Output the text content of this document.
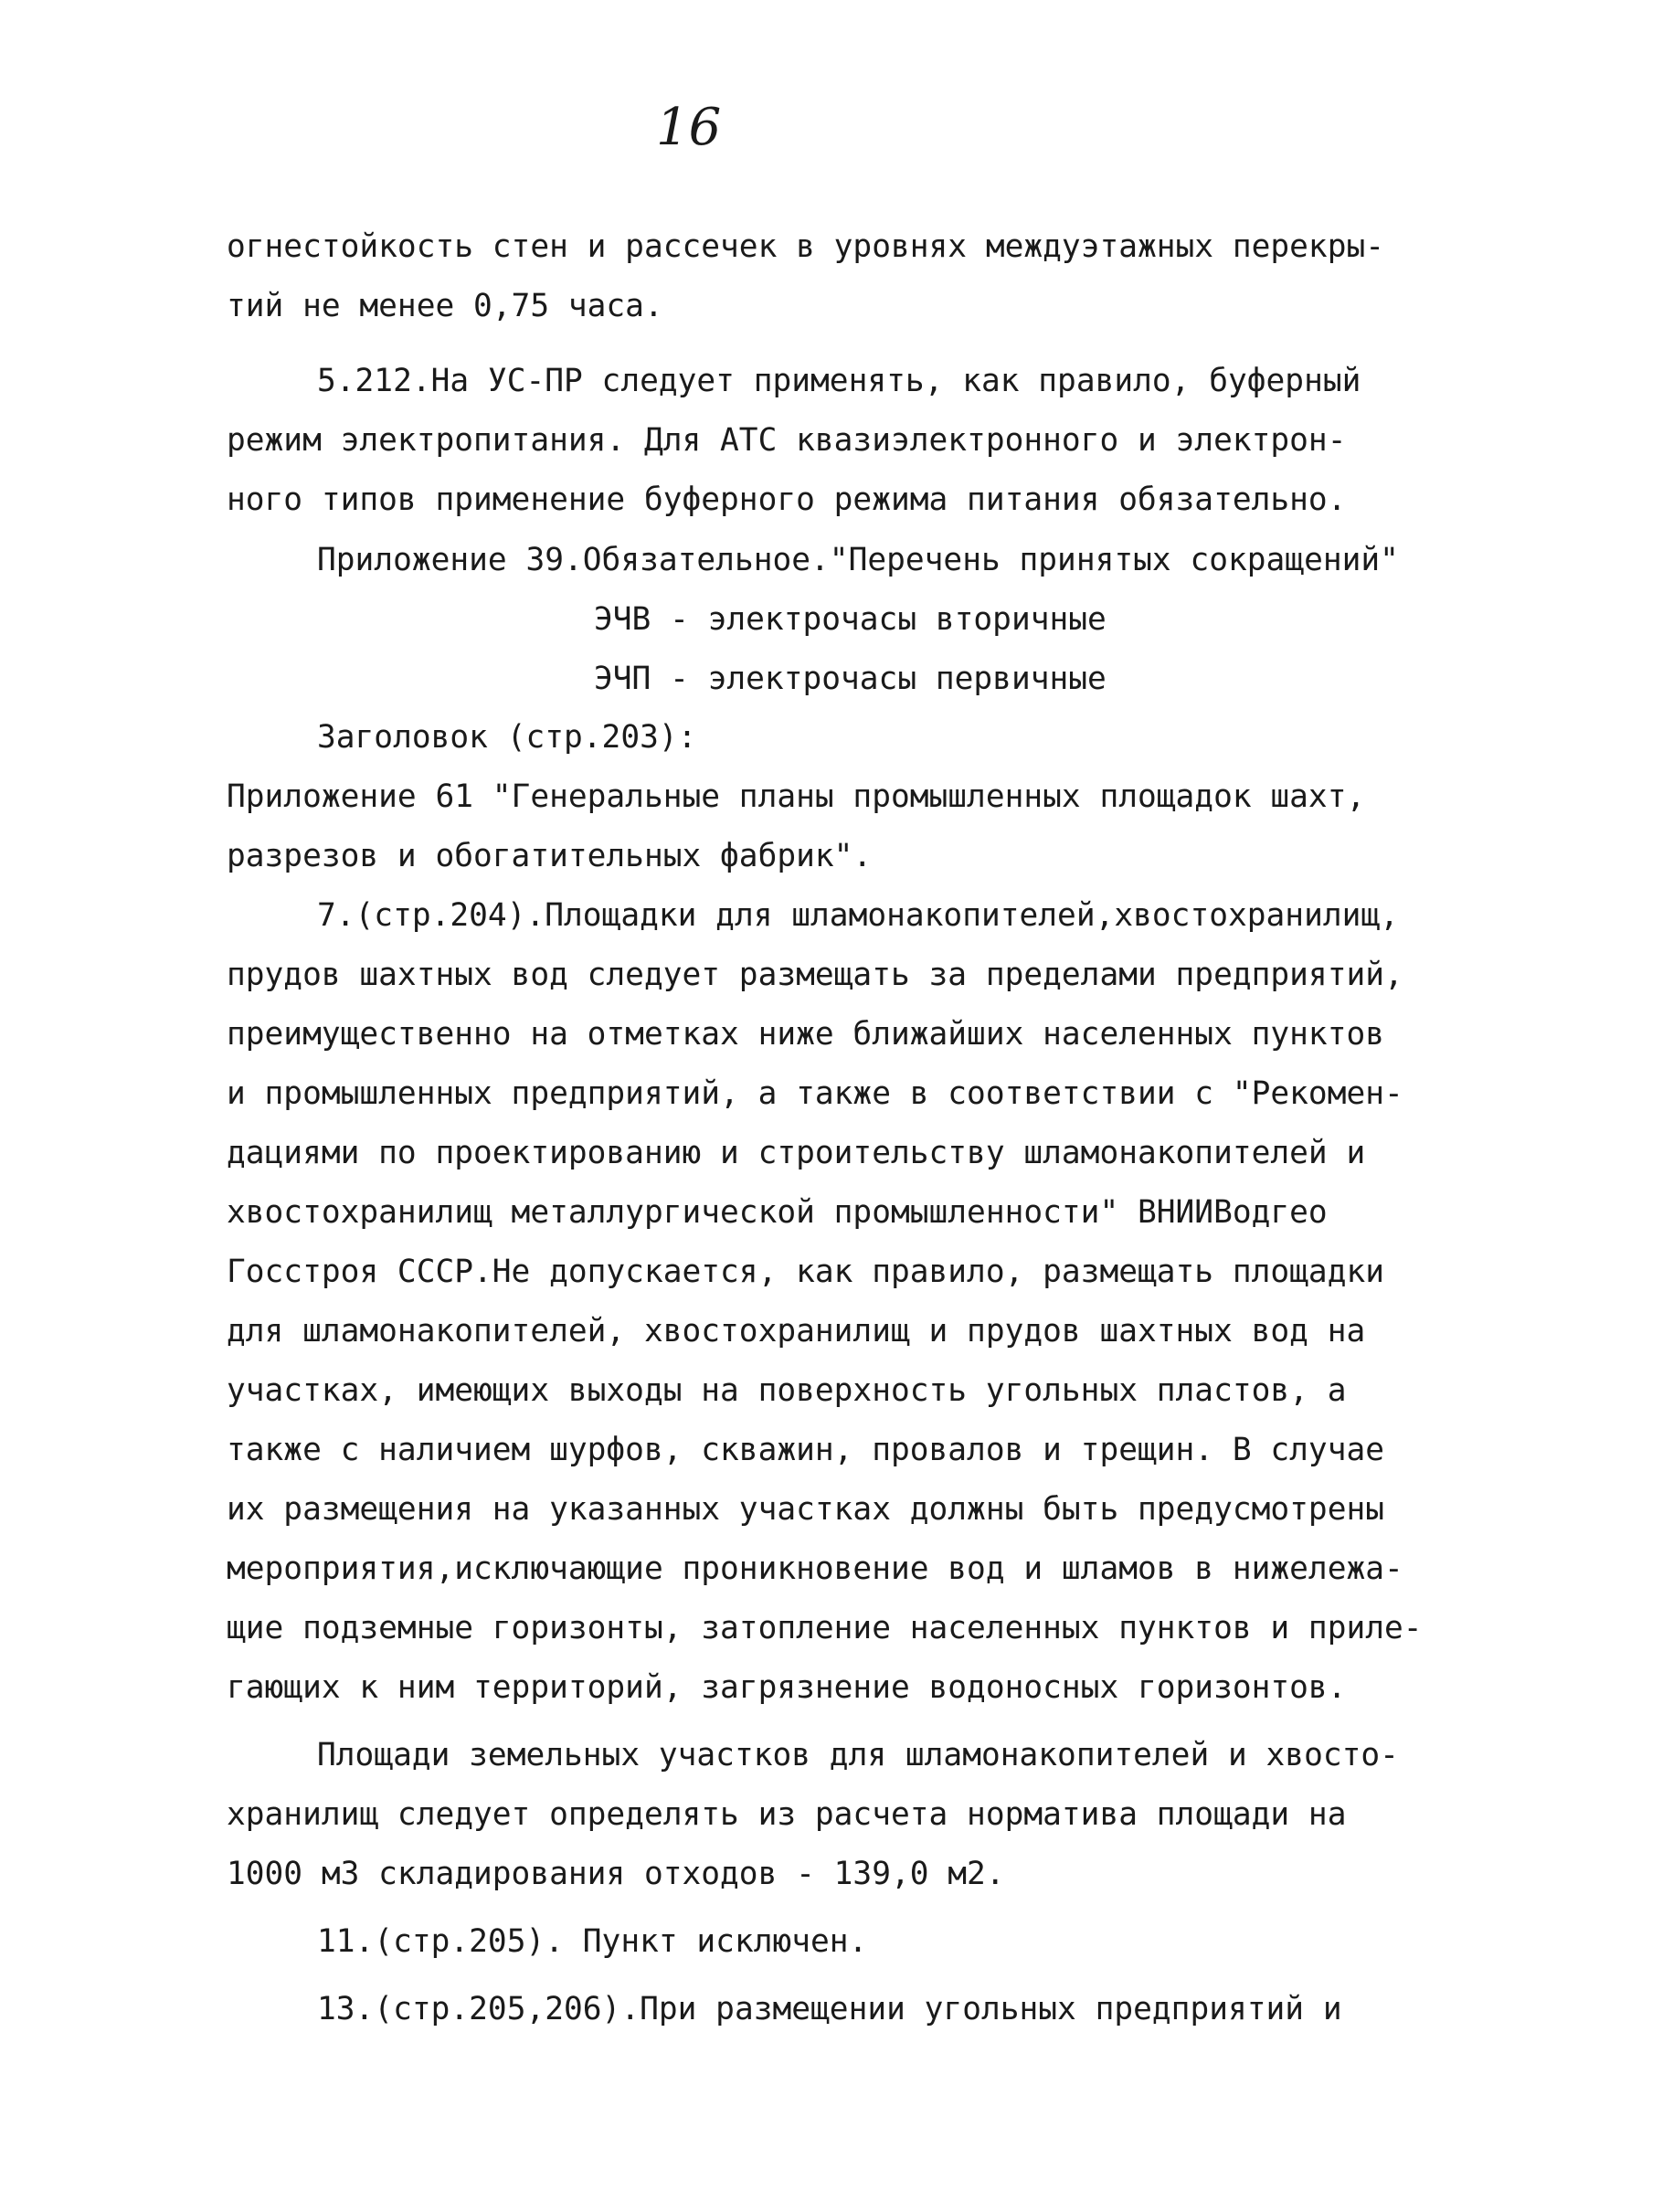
16
огнестойкость стен и рассечек в уровнях междуэтажных перекры-
тий не менее 0,75 часа.
5.212.На УС-ПР следует применять, как правило, буферный
режим электропитания. Для АТС квазиэлектронного и электрон-
ного типов применение буферного режима питания обязательно.
Приложение 39.Обязательное."Перечень принятых сокращений"
ЭЧВ - электрочасы вторичные
ЭЧП - электрочасы первичные
Заголовок (стр.203):
Приложение 61 "Генеральные планы промышленных площадок шахт,
разрезов и обогатительных фабрик".
7.(стр.204).Площадки для шламонакопителей,хвостохранилищ,
прудов шахтных вод следует размещать за пределами предприятий,
преимущественно на отметках ниже ближайших населенных пунктов
и промышленных предприятий, а также в соответствии с "Рекомен-
дациями по проектированию и строительству шламонакопителей и
хвостохранилищ металлургической промышленности" ВНИИВодгео
Госстроя СССР.Не допускается, как правило, размещать площадки
для шламонакопителей, хвостохранилищ и прудов шахтных вод на
участках, имеющих выходы на поверхность угольных пластов, а
также с наличием шурфов, скважин, провалов и трещин. В случае
их размещения на указанных участках должны быть предусмотрены
мероприятия,исключающие проникновение вод и шламов в нижележа-
щие подземные горизонты, затопление населенных пунктов и приле-
гающих к ним территорий, загрязнение водоносных горизонтов.
Площади земельных участков для шламонакопителей и хвосто-
хранилищ следует определять из расчета норматива площади на
1000 м3 складирования отходов - 139,0 м2.
11.(стр.205). Пункт исключен.
13.(стр.205,206).При размещении угольных предприятий и
